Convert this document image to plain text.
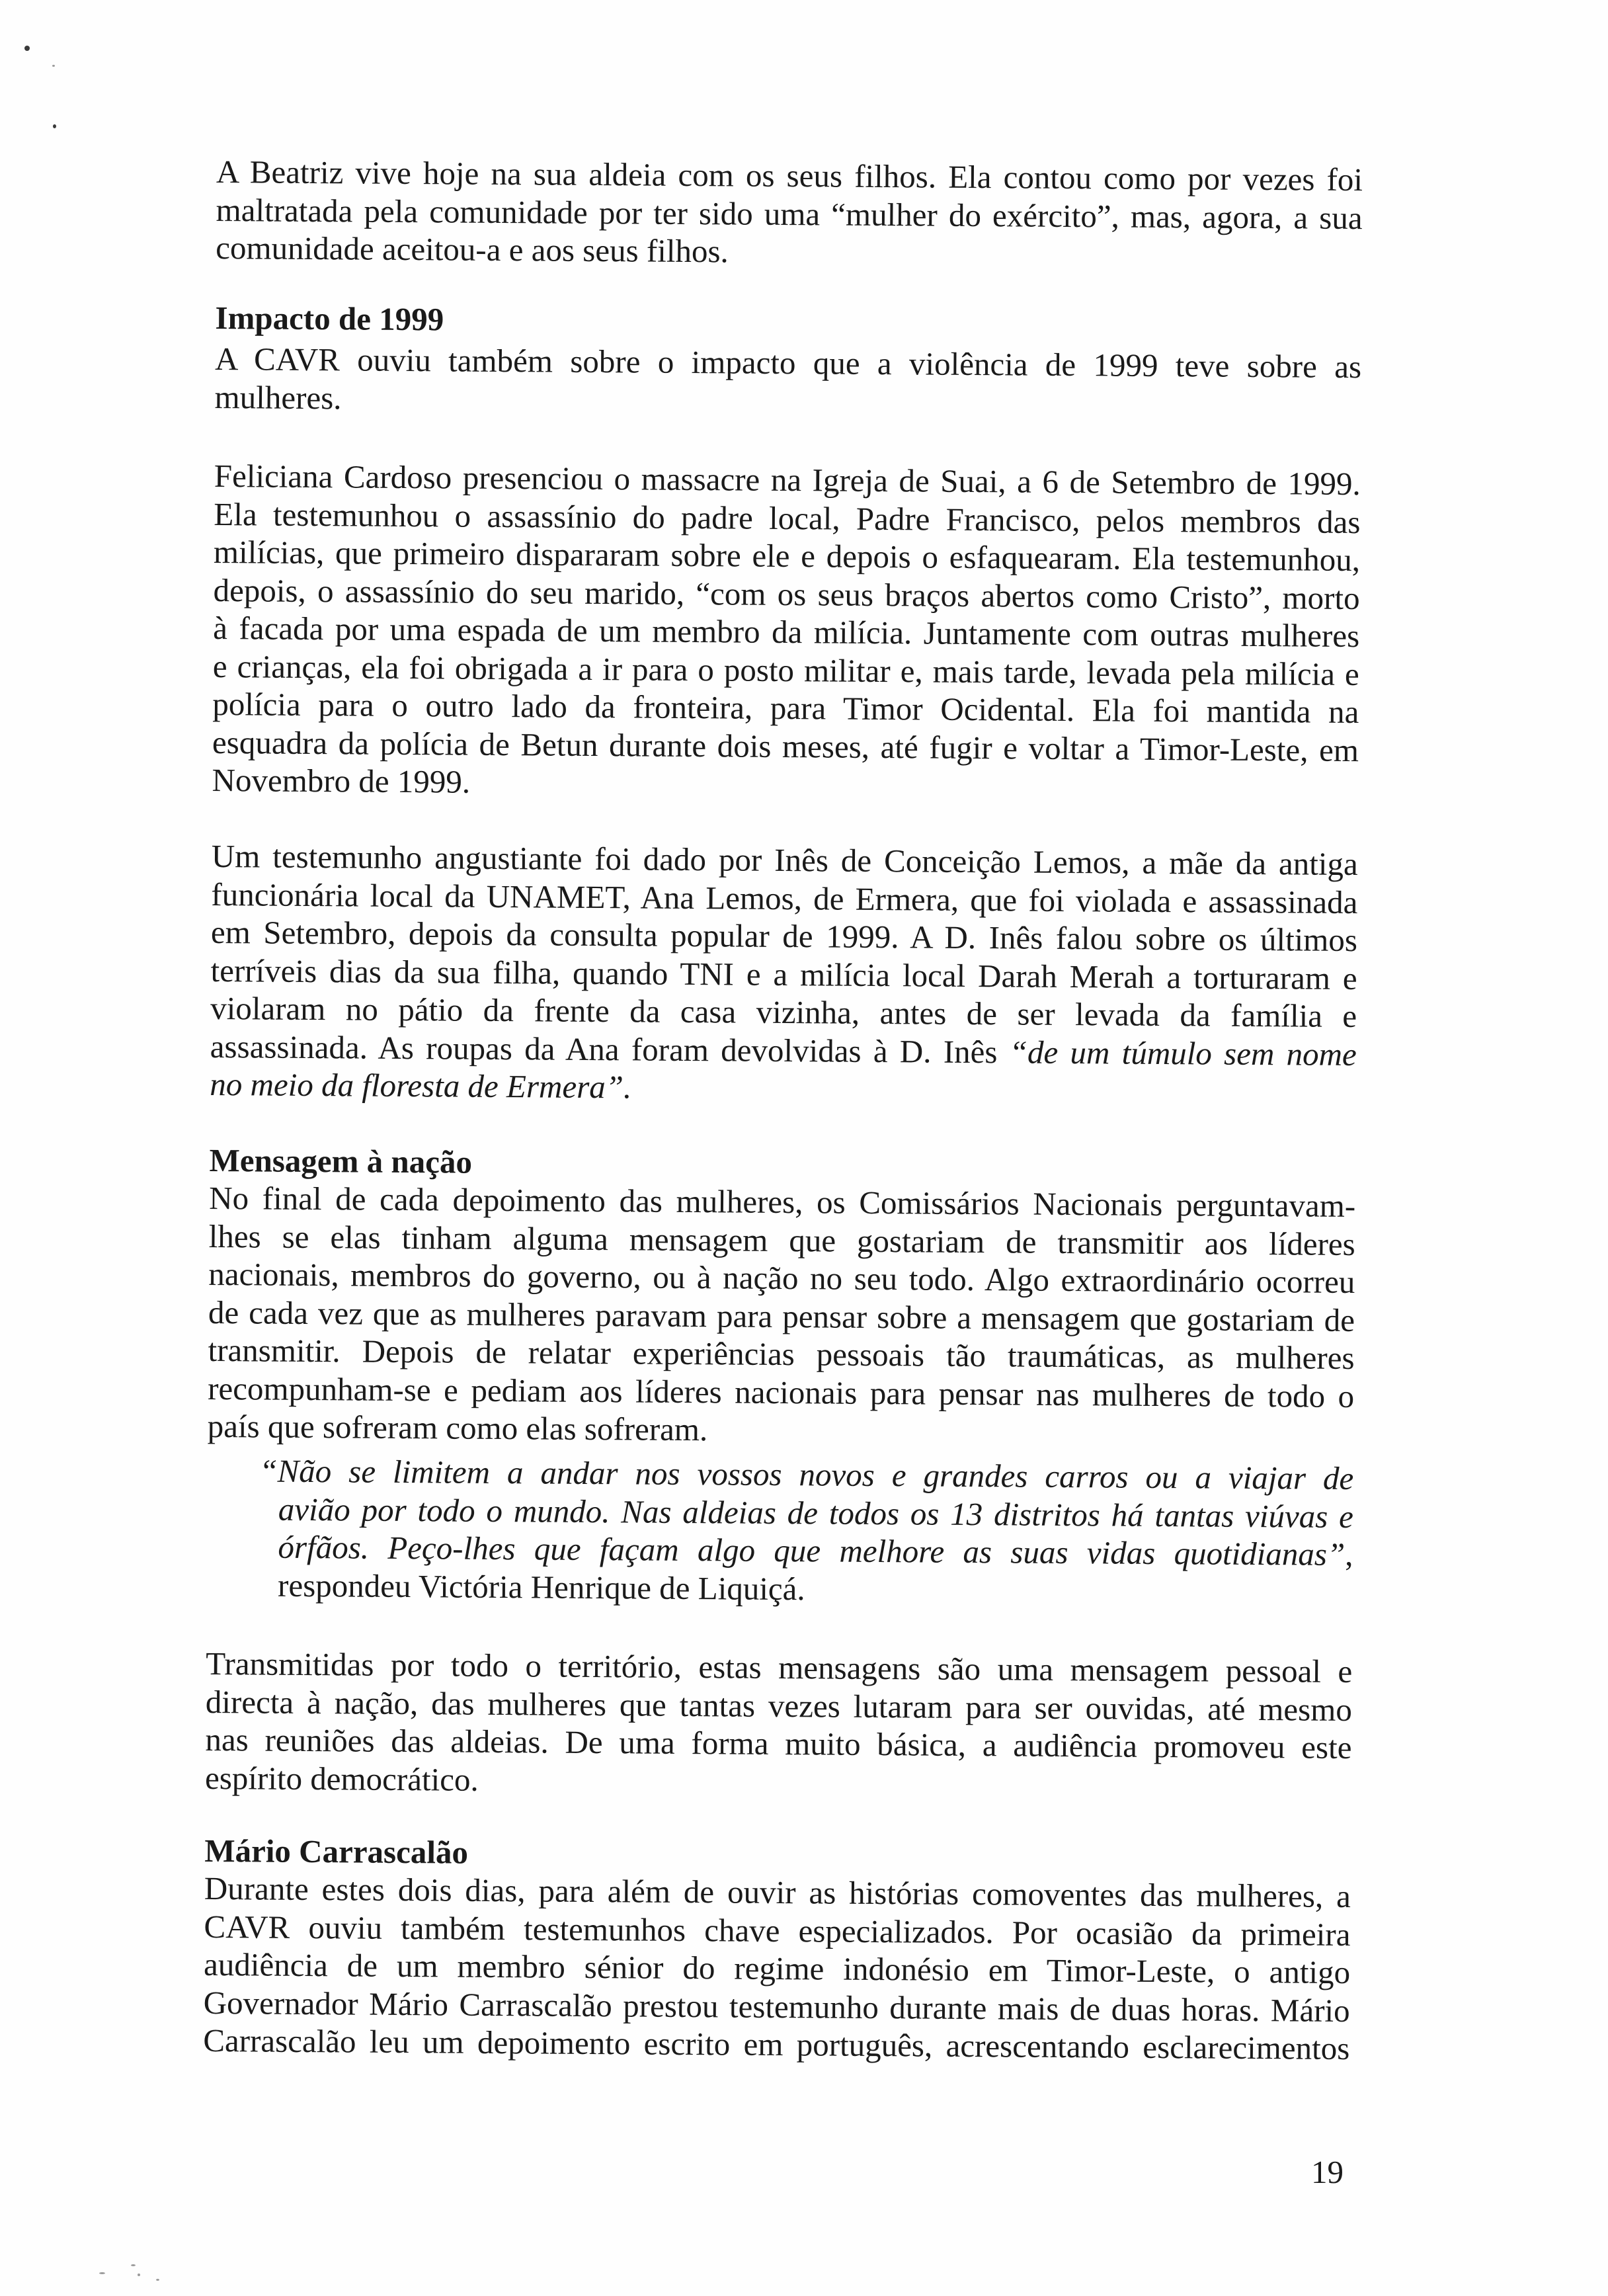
A Beatriz vive hoje na sua aldeia com os seus filhos. Ela contou como por vezes foi
maltratada pela comunidade por ter sido uma “mulher do exército”, mas, agora, a sua
comunidade aceitou-a e aos seus filhos.
Impacto de 1999
A CAVR ouviu também sobre o impacto que a violência de 1999 teve sobre as
mulheres.
Feliciana Cardoso presenciou o massacre na Igreja de Suai, a 6 de Setembro de 1999.
Ela testemunhou o assassínio do padre local, Padre Francisco, pelos membros das
milícias, que primeiro dispararam sobre ele e depois o esfaquearam. Ela testemunhou,
depois, o assassínio do seu marido, “com os seus braços abertos como Cristo”, morto
à facada por uma espada de um membro da milícia. Juntamente com outras mulheres
e crianças, ela foi obrigada a ir para o posto militar e, mais tarde, levada pela milícia e
polícia para o outro lado da fronteira, para Timor Ocidental. Ela foi mantida na
esquadra da polícia de Betun durante dois meses, até fugir e voltar a Timor-Leste, em
Novembro de 1999.
Um testemunho angustiante foi dado por Inês de Conceição Lemos, a mãe da antiga
funcionária local da UNAMET, Ana Lemos, de Ermera, que foi violada e assassinada
em Setembro, depois da consulta popular de 1999. A D. Inês falou sobre os últimos
terríveis dias da sua filha, quando TNI e a milícia local Darah Merah a torturaram e
violaram no pátio da frente da casa vizinha, antes de ser levada da família e
assassinada. As roupas da Ana foram devolvidas à D. Inês “de um túmulo sem nome
no meio da floresta de Ermera”.
Mensagem à nação
No final de cada depoimento das mulheres, os Comissários Nacionais perguntavam-
lhes se elas tinham alguma mensagem que gostariam de transmitir aos líderes
nacionais, membros do governo, ou à nação no seu todo. Algo extraordinário ocorreu
de cada vez que as mulheres paravam para pensar sobre a mensagem que gostariam de
transmitir. Depois de relatar experiências pessoais tão traumáticas, as mulheres
recompunham-se e pediam aos líderes nacionais para pensar nas mulheres de todo o
país que sofreram como elas sofreram.
“Não se limitem a andar nos vossos novos e grandes carros ou a viajar de
avião por todo o mundo. Nas aldeias de todos os 13 distritos há tantas viúvas e
órfãos. Peço-lhes que façam algo que melhore as suas vidas quotidianas”,
respondeu Victória Henrique de Liquiçá.
Transmitidas por todo o território, estas mensagens são uma mensagem pessoal e
directa à nação, das mulheres que tantas vezes lutaram para ser ouvidas, até mesmo
nas reuniões das aldeias. De uma forma muito básica, a audiência promoveu este
espírito democrático.
Mário Carrascalão
Durante estes dois dias, para além de ouvir as histórias comoventes das mulheres, a
CAVR ouviu também testemunhos chave especializados. Por ocasião da primeira
audiência de um membro sénior do regime indonésio em Timor-Leste, o antigo
Governador Mário Carrascalão prestou testemunho durante mais de duas horas. Mário
Carrascalão leu um depoimento escrito em português, acrescentando esclarecimentos
19
